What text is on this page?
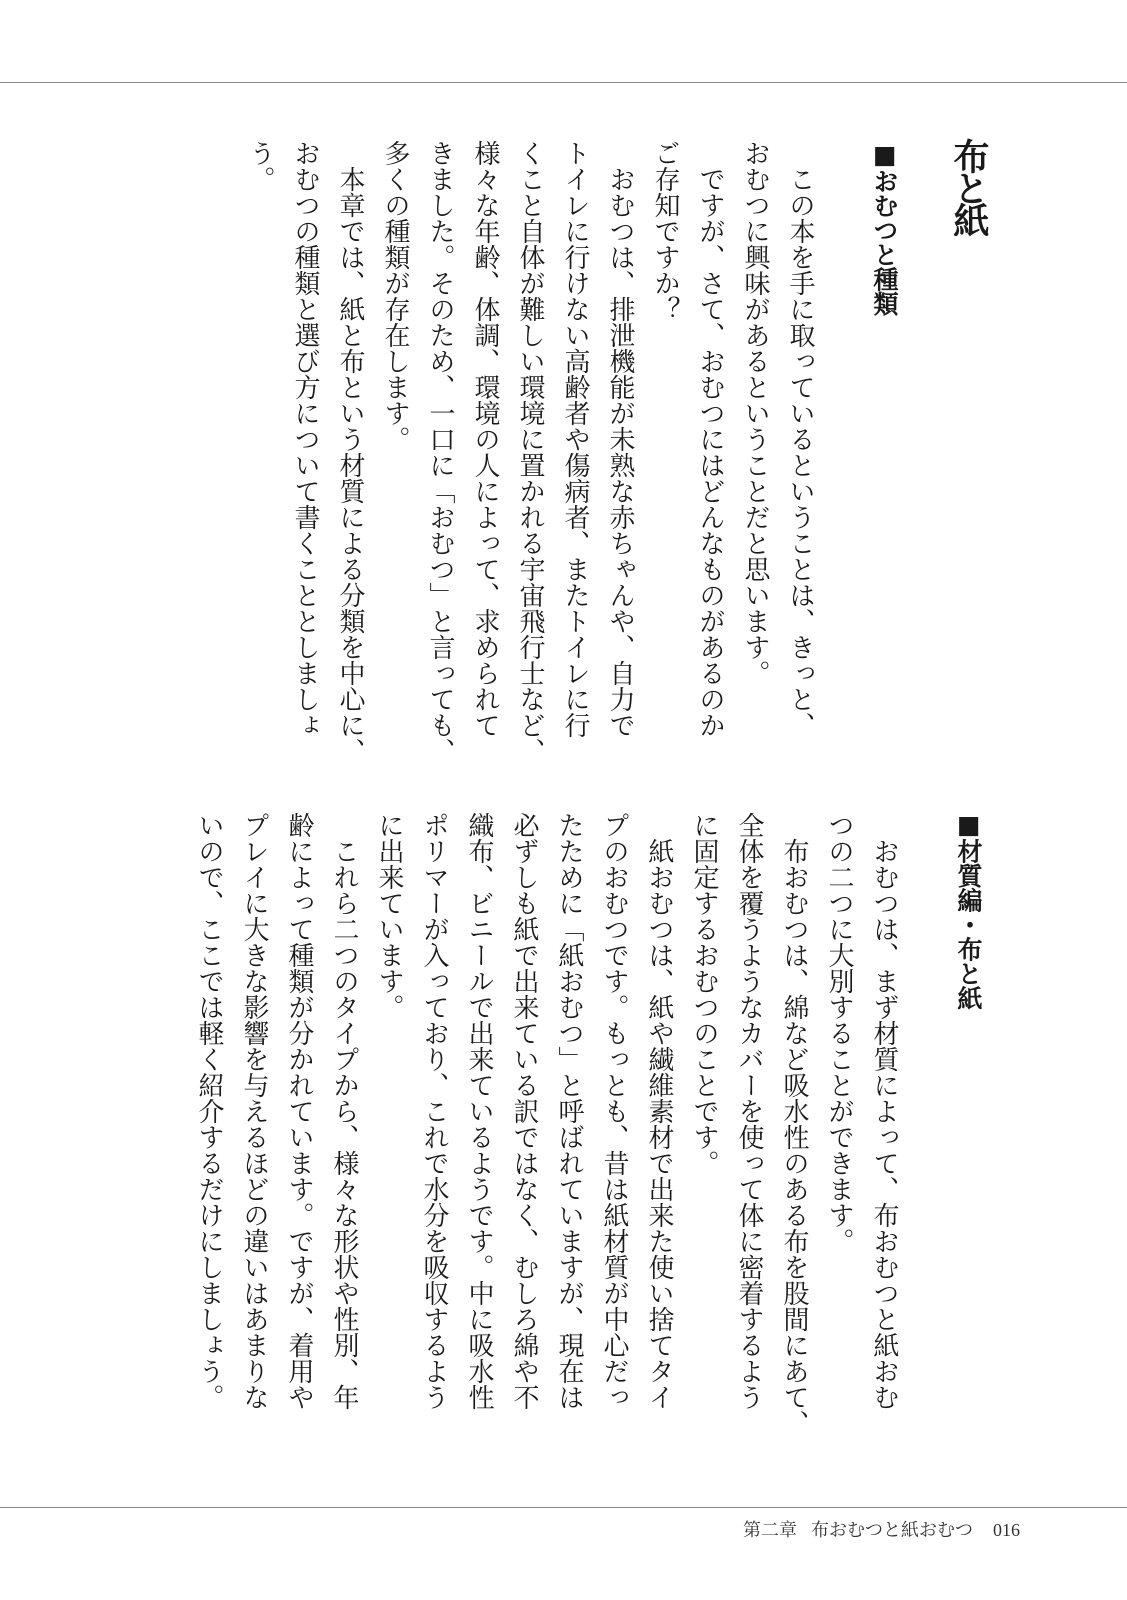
布と紙
■おむつと種類
この本を手に取っているということは、きっと、
おむつに興味があるということだと思います。
ですが、さて、おむつにはどんなものがあるのか
ご存知ですか？
おむつは、排泄機能が未熟な赤ちゃんや、自力で
トイレに行けない高齢者や傷病者、またトイレに行
くこと自体が難しい環境に置かれる宇宙飛行士など、
様々な年齢、体調、環境の人によって、求められて
きました。そのため、一口に「おむつ」と言っても、
多くの種類が存在します。
本章では、紙と布という材質による分類を中心に、
おむつの種類と選び方について書くこととしましょ
う。
■材質編・布と紙
おむつは、まず材質によって、布おむつと紙おむ
つの二つに大別することができます。
布おむつは、綿など吸水性のある布を股間にあて、
全体を覆うようなカバーを使って体に密着するよう
に固定するおむつのことです。
紙おむつは、紙や繊維素材で出来た使い捨てタイ
プのおむつです。もっとも、昔は紙材質が中心だっ
たために「紙おむつ」と呼ばれていますが、現在は
必ずしも紙で出来ている訳ではなく、むしろ綿や不
織布、ビニールで出来ているようです。中に吸水性
ポリマーが入っており、これで水分を吸収するよう
に出来ています。
これら二つのタイプから、様々な形状や性別、年
齢によって種類が分かれています。ですが、着用や
プレイに大きな影響を与えるほどの違いはあまりな
いので、ここでは軽く紹介するだけにしましょう。
第二章 布おむつと紙おむつ 016
